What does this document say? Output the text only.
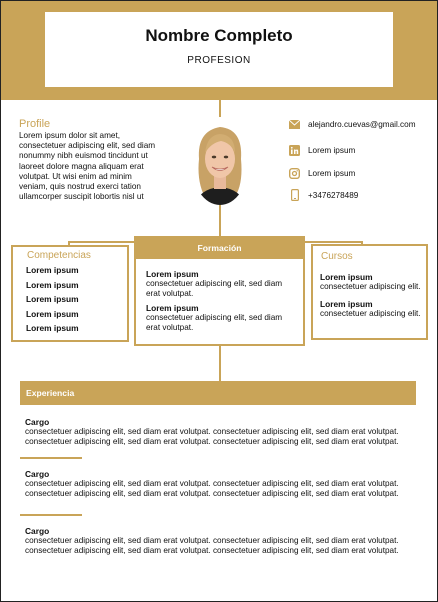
Nombre Completo
PROFESION
Profile
Lorem ipsum dolor sit amet,
consectetuer adipiscing elit, sed diam
nonummy nibh euismod tincidunt ut
laoreet dolore magna aliquam erat
volutpat. Ut wisi enim ad minim
veniam, quis nostrud exerci tation
ullamcorper suscipit lobortis nisl ut
alejandro.cuevas@gmail.com
Lorem ipsum
Lorem ipsum
+3476278489
Competencias
Lorem ipsum
Lorem ipsum
Lorem ipsum
Lorem ipsum
Lorem ipsum
Formación
Lorem ipsum
consectetuer adipiscing elit, sed diam
erat volutpat.
Lorem ipsum
consectetuer adipiscing elit, sed diam
erat volutpat.
Cursos
Lorem ipsum
consectetuer adipiscing elit.
Lorem ipsum
consectetuer adipiscing elit.
Experiencia
Cargo
consectetuer adipiscing elit, sed diam erat volutpat. consectetuer adipiscing elit, sed diam erat volutpat.
consectetuer adipiscing elit, sed diam erat volutpat. consectetuer adipiscing elit, sed diam erat volutpat.
Cargo
consectetuer adipiscing elit, sed diam erat volutpat. consectetuer adipiscing elit, sed diam erat volutpat.
consectetuer adipiscing elit, sed diam erat volutpat. consectetuer adipiscing elit, sed diam erat volutpat.
Cargo
consectetuer adipiscing elit, sed diam erat volutpat. consectetuer adipiscing elit, sed diam erat volutpat.
consectetuer adipiscing elit, sed diam erat volutpat. consectetuer adipiscing elit, sed diam erat volutpat.
